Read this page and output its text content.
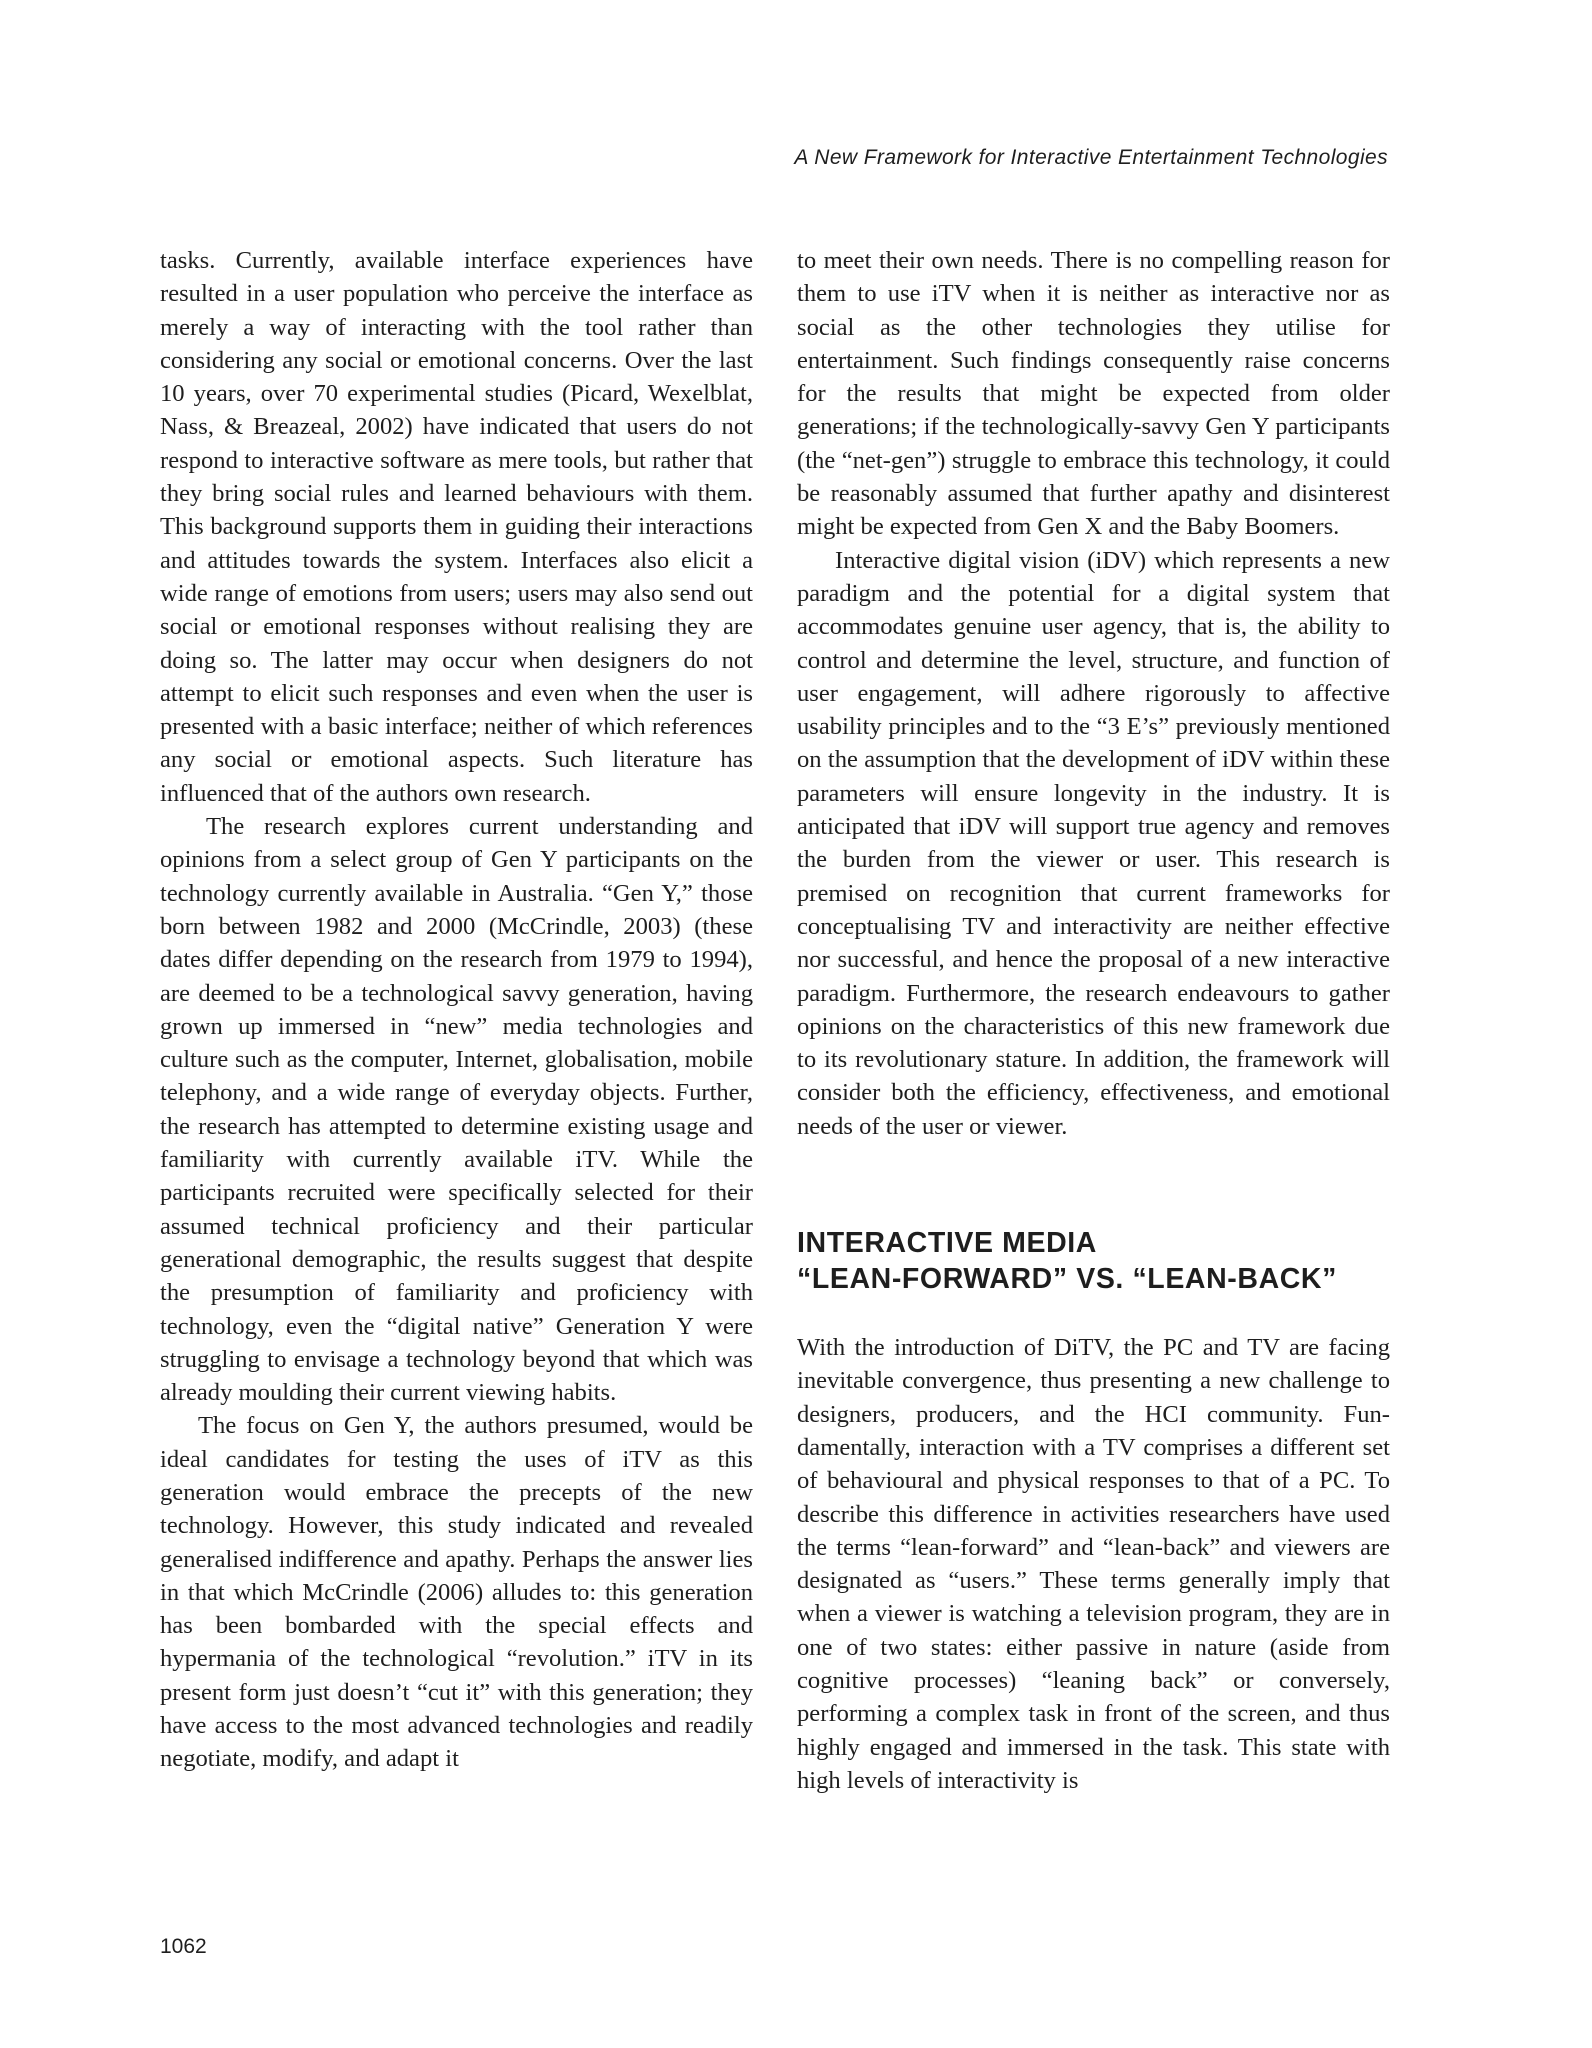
A New Framework for Interactive Entertainment Technologies

tasks. Currently, available interface experiences have resulted in a user population who perceive the interface as merely a way of interacting with the tool rather than considering any social or emotional concerns. Over the last 10 years, over 70 experimental studies (Picard, Wexelblat, Nass, & Breazeal, 2002) have indicated that users do not respond to interactive software as mere tools, but rather that they bring social rules and learned behaviours with them. This background supports them in guiding their interactions and attitudes towards the system. Interfaces also elicit a wide range of emotions from users; users may also send out social or emotional responses without realising they are doing so. The latter may occur when designers do not attempt to elicit such responses and even when the user is presented with a basic interface; neither of which references any social or emotional aspects. Such literature has influenced that of the authors own research.

The research explores current understanding and opinions from a select group of Gen Y participants on the technology currently available in Australia. “Gen Y,” those born between 1982 and 2000 (McCrindle, 2003) (these dates differ depending on the research from 1979 to 1994), are deemed to be a technological savvy generation, having grown up immersed in “new” media technologies and culture such as the computer, Internet, globalisation, mobile telephony, and a wide range of everyday objects. Further, the research has attempted to determine existing usage and familiarity with currently available iTV. While the participants recruited were specifically selected for their assumed technical proficiency and their particular generational demographic, the results suggest that despite the presumption of familiarity and proficiency with technology, even the “digital native” Generation Y were struggling to envisage a technology beyond that which was already moulding their current viewing habits.

The focus on Gen Y, the authors presumed, would be ideal candidates for testing the uses of iTV as this generation would embrace the precepts of the new technology. However, this study indicated and revealed generalised indifference and apathy. Perhaps the answer lies in that which McCrindle (2006) alludes to: this generation has been bombarded with the special effects and hypermania of the technological “revolution.” iTV in its present form just doesn’t “cut it” with this generation; they have access to the most advanced technologies and readily negotiate, modify, and adapt it

to meet their own needs. There is no compelling reason for them to use iTV when it is neither as interactive nor as social as the other technologies they utilise for entertainment. Such findings consequently raise concerns for the results that might be expected from older generations; if the technologically-savvy Gen Y participants (the “net-gen”) struggle to embrace this technology, it could be reasonably assumed that further apathy and disinterest might be expected from Gen X and the Baby Boomers.

Interactive digital vision (iDV) which represents a new paradigm and the potential for a digital system that accommodates genuine user agency, that is, the ability to control and determine the level, structure, and function of user engagement, will adhere rigorously to affective usability principles and to the “3 E’s” previously mentioned on the assumption that the development of iDV within these parameters will ensure longevity in the industry. It is anticipated that iDV will support true agency and removes the burden from the viewer or user. This research is premised on recognition that current frameworks for conceptualising TV and interactivity are neither effective nor successful, and hence the proposal of a new interactive paradigm. Furthermore, the research endeavours to gather opinions on the characteristics of this new framework due to its revolutionary stature. In addition, the framework will consider both the efficiency, effectiveness, and emotional needs of the user or viewer.

INTERACTIVE MEDIA
“LEAN-FORWARD” VS. “LEAN-BACK”

With the introduction of DiTV, the PC and TV are facing inevitable convergence, thus presenting a new challenge to designers, producers, and the HCI community. Fundamentally, interaction with a TV comprises a different set of behavioural and physical responses to that of a PC. To describe this difference in activities researchers have used the terms “lean-forward” and “lean-back” and viewers are designated as “users.” These terms generally imply that when a viewer is watching a television program, they are in one of two states: either passive in nature (aside from cognitive processes) “leaning back” or conversely, performing a complex task in front of the screen, and thus highly engaged and immersed in the task. This state with high levels of interactivity is

1062
